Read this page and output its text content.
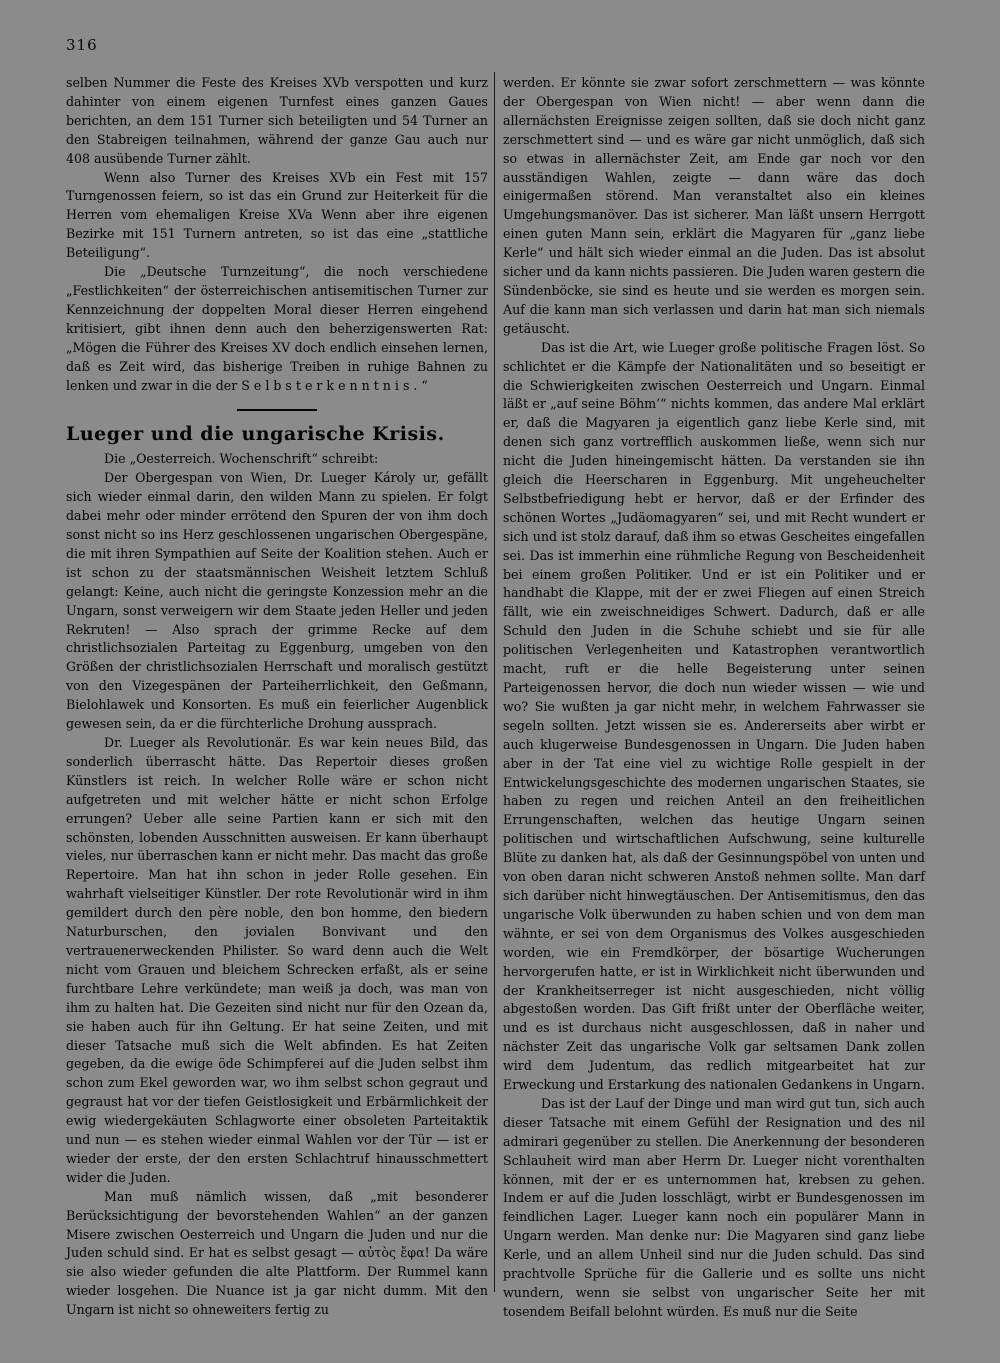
316

selben Nummer die Feste des Kreises XVb verspotten und kurz dahinter von einem eigenen Turnfest eines ganzen Gaues berichten, an dem 151 Turner sich beteiligten und 54 Turner an den Stabreigen teilnahmen, während der ganze Gau auch nur 408 ausübende Turner zählt.

Wenn also Turner des Kreises XVb ein Fest mit 157 Turngenossen feiern, so ist das ein Grund zur Heiterkeit für die Herren vom ehemaligen Kreise XVa Wenn aber ihre eigenen Bezirke mit 151 Turnern antreten, so ist das eine „stattliche Beteiligung“.

Die „Deutsche Turnzeitung“, die noch verschiedene „Festlichkeiten“ der österreichischen antisemitischen Turner zur Kennzeichnung der doppelten Moral dieser Herren eingehend kritisiert, gibt ihnen denn auch den beherzigenswerten Rat: „Mögen die Führer des Kreises XV doch endlich einsehen lernen, daß es Zeit wird, das bisherige Treiben in ruhige Bahnen zu lenken und zwar in die der Selbsterkenntnis.“

Lueger und die ungarische Krisis.

Die „Oesterreich. Wochenschrift“ schreibt:

Der Obergespan von Wien, Dr. Lueger Károly ur, gefällt sich wieder einmal darin, den wilden Mann zu spielen. Er folgt dabei mehr oder minder errötend den Spuren der von ihm doch sonst nicht so ins Herz geschlossenen ungarischen Obergespäne, die mit ihren Sympathien auf Seite der Koalition stehen. Auch er ist schon zu der staatsmännischen Weisheit letztem Schluß gelangt: Keine, auch nicht die geringste Konzession mehr an die Ungarn, sonst verweigern wir dem Staate jeden Heller und jeden Rekruten! — Also sprach der grimme Recke auf dem christlichsozialen Parteitag zu Eggenburg, umgeben von den Größen der christlichsozialen Herrschaft und moralisch gestützt von den Vizegespänen der Parteiherrlichkeit, den Geßmann, Bielohlawek und Konsorten. Es muß ein feierlicher Augenblick gewesen sein, da er die fürchterliche Drohung aussprach.

Dr. Lueger als Revolutionär. Es war kein neues Bild, das sonderlich überrascht hätte. Das Repertoir dieses großen Künstlers ist reich. In welcher Rolle wäre er schon nicht aufgetreten und mit welcher hätte er nicht schon Erfolge errungen? Ueber alle seine Partien kann er sich mit den schönsten, lobenden Ausschnitten ausweisen. Er kann überhaupt vieles, nur überraschen kann er nicht mehr. Das macht das große Repertoire. Man hat ihn schon in jeder Rolle gesehen. Ein wahrhaft vielseitiger Künstler. Der rote Revolutionär wird in ihm gemildert durch den père noble, den bon homme, den biedern Naturburschen, den jovialen Bonvivant und den vertrauenerweckenden Philister. So ward denn auch die Welt nicht vom Grauen und bleichem Schrecken erfaßt, als er seine furchtbare Lehre verkündete; man weiß ja doch, was man von ihm zu halten hat. Die Gezeiten sind nicht nur für den Ozean da, sie haben auch für ihn Geltung. Er hat seine Zeiten, und mit dieser Tatsache muß sich die Welt abfinden. Es hat Zeiten gegeben, da die ewige öde Schimpferei auf die Juden selbst ihm schon zum Ekel geworden war, wo ihm selbst schon gegraut und gegraust hat vor der tiefen Geistlosigkeit und Erbärmlichkeit der ewig wiedergekäuten Schlagworte einer obsoleten Parteitaktik und nun — es stehen wieder einmal Wahlen vor der Tür — ist er wieder der erste, der den ersten Schlachtruf hinausschmettert wider die Juden.

Man muß nämlich wissen, daß „mit besonderer Berücksichtigung der bevorstehenden Wahlen“ an der ganzen Misere zwischen Oesterreich und Ungarn die Juden und nur die Juden schuld sind. Er hat es selbst gesagt — αὐτὸς ἔφα! Da wäre sie also wieder gefunden die alte Plattform. Der Rummel kann wieder losgehen. Die Nuance ist ja gar nicht dumm. Mit den Ungarn ist nicht so ohneweiters fertig zu

werden. Er könnte sie zwar sofort zerschmettern — was könnte der Obergespan von Wien nicht! — aber wenn dann die allernächsten Ereignisse zeigen sollten, daß sie doch nicht ganz zerschmettert sind — und es wäre gar nicht unmöglich, daß sich so etwas in allernächster Zeit, am Ende gar noch vor den ausständigen Wahlen, zeigte — dann wäre das doch einigermaßen störend. Man veranstaltet also ein kleines Umgehungsmanöver. Das ist sicherer. Man läßt unsern Herrgott einen guten Mann sein, erklärt die Magyaren für „ganz liebe Kerle“ und hält sich wieder einmal an die Juden. Das ist absolut sicher und da kann nichts passieren. Die Juden waren gestern die Sündenböcke, sie sind es heute und sie werden es morgen sein. Auf die kann man sich verlassen und darin hat man sich niemals getäuscht.

Das ist die Art, wie Lueger große politische Fragen löst. So schlichtet er die Kämpfe der Nationalitäten und so beseitigt er die Schwierigkeiten zwischen Oesterreich und Ungarn. Einmal läßt er „auf seine Böhm’“ nichts kommen, das andere Mal erklärt er, daß die Magyaren ja eigentlich ganz liebe Kerle sind, mit denen sich ganz vortrefflich auskommen ließe, wenn sich nur nicht die Juden hineingemischt hätten. Da verstanden sie ihn gleich die Heerscharen in Eggenburg. Mit ungeheuchelter Selbstbefriedigung hebt er hervor, daß er der Erfinder des schönen Wortes „Judäomagyaren“ sei, und mit Recht wundert er sich und ist stolz darauf, daß ihm so etwas Gescheites eingefallen sei. Das ist immerhin eine rühmliche Regung von Bescheidenheit bei einem großen Politiker. Und er ist ein Politiker und er handhabt die Klappe, mit der er zwei Fliegen auf einen Streich fällt, wie ein zweischneidiges Schwert. Dadurch, daß er alle Schuld den Juden in die Schuhe schiebt und sie für alle politischen Verlegenheiten und Katastrophen verantwortlich macht, ruft er die helle Begeisterung unter seinen Parteigenossen hervor, die doch nun wieder wissen — wie und wo? Sie wußten ja gar nicht mehr, in welchem Fahrwasser sie segeln sollten. Jetzt wissen sie es. Andererseits aber wirbt er auch klugerweise Bundesgenossen in Ungarn. Die Juden haben aber in der Tat eine viel zu wichtige Rolle gespielt in der Entwickelungsgeschichte des modernen ungarischen Staates, sie haben zu regen und reichen Anteil an den freiheitlichen Errungenschaften, welchen das heutige Ungarn seinen politischen und wirtschaftlichen Aufschwung, seine kulturelle Blüte zu danken hat, als daß der Gesinnungspöbel von unten und von oben daran nicht schweren Anstoß nehmen sollte. Man darf sich darüber nicht hinwegtäuschen. Der Antisemitismus, den das ungarische Volk überwunden zu haben schien und von dem man wähnte, er sei von dem Organismus des Volkes ausgeschieden worden, wie ein Fremdkörper, der bösartige Wucherungen hervorgerufen hatte, er ist in Wirklichkeit nicht überwunden und der Krankheitserreger ist nicht ausgeschieden, nicht völlig abgestoßen worden. Das Gift frißt unter der Oberfläche weiter, und es ist durchaus nicht ausgeschlossen, daß in naher und nächster Zeit das ungarische Volk gar seltsamen Dank zollen wird dem Judentum, das redlich mitgearbeitet hat zur Erweckung und Erstarkung des nationalen Gedankens in Ungarn.

Das ist der Lauf der Dinge und man wird gut tun, sich auch dieser Tatsache mit einem Gefühl der Resignation und des nil admirari gegenüber zu stellen. Die Anerkennung der besonderen Schlauheit wird man aber Herrn Dr. Lueger nicht vorenthalten können, mit der er es unternommen hat, krebsen zu gehen. Indem er auf die Juden losschlägt, wirbt er Bundesgenossen im feindlichen Lager. Lueger kann noch ein populärer Mann in Ungarn werden. Man denke nur: Die Magyaren sind ganz liebe Kerle, und an allem Unheil sind nur die Juden schuld. Das sind prachtvolle Sprüche für die Gallerie und es sollte uns nicht wundern, wenn sie selbst von ungarischer Seite her mit tosendem Beifall belohnt würden. Es muß nur die Seite
